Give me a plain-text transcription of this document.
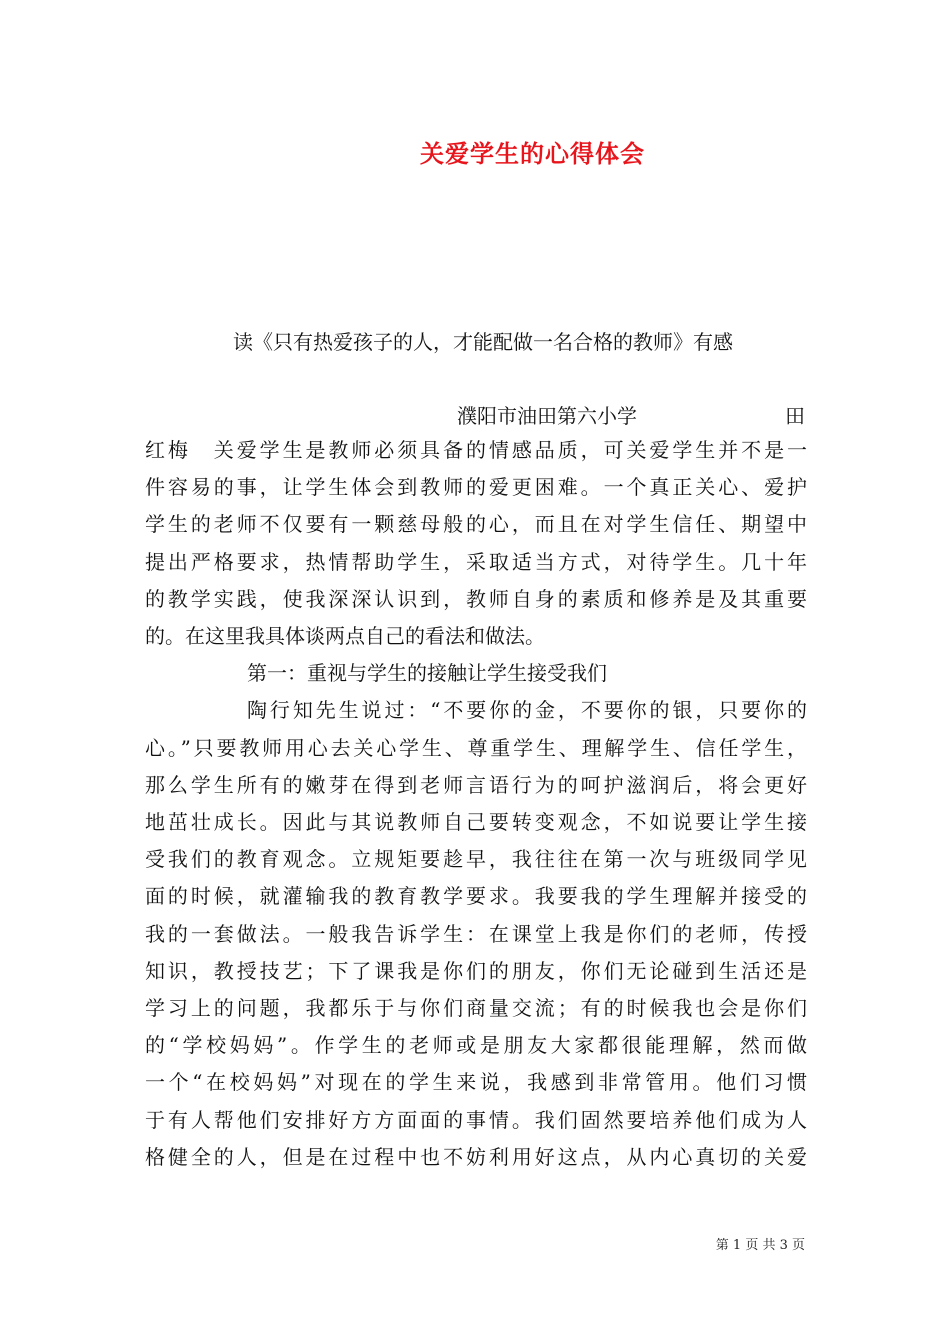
关爱学生的心得体会
读《只有热爱孩子的人，才能配做一名合格的教师》有感
濮阳市油田第六小学	田
红梅　关爱学生是教师必须具备的情感品质，可关爱学生并不是一
件容易的事，让学生体会到教师的爱更困难。一个真正关心、爱护
学生的老师不仅要有一颗慈母般的心，而且在对学生信任、期望中
提出严格要求，热情帮助学生，采取适当方式，对待学生。几十年
的教学实践，使我深深认识到，教师自身的素质和修养是及其重要
的。在这里我具体谈两点自己的看法和做法。
第一：重视与学生的接触让学生接受我们
陶行知先生说过：“不要你的金，不要你的银，只要你的
心。”只要教师用心去关心学生、尊重学生、理解学生、信任学生，
那么学生所有的嫩芽在得到老师言语行为的呵护滋润后，将会更好
地茁壮成长。因此与其说教师自己要转变观念，不如说要让学生接
受我们的教育观念。立规矩要趁早，我往往在第一次与班级同学见
面的时候，就灌输我的教育教学要求。我要我的学生理解并接受的
我的一套做法。一般我告诉学生：在课堂上我是你们的老师，传授
知识，教授技艺；下了课我是你们的朋友，你们无论碰到生活还是
学习上的问题，我都乐于与你们商量交流；有的时候我也会是你们
的“学校妈妈”。作学生的老师或是朋友大家都很能理解，然而做
一个“在校妈妈”对现在的学生来说，我感到非常管用。他们习惯
于有人帮他们安排好方方面面的事情。我们固然要培养他们成为人
格健全的人，但是在过程中也不妨利用好这点，从内心真切的关爱
第 1 页 共 3 页
